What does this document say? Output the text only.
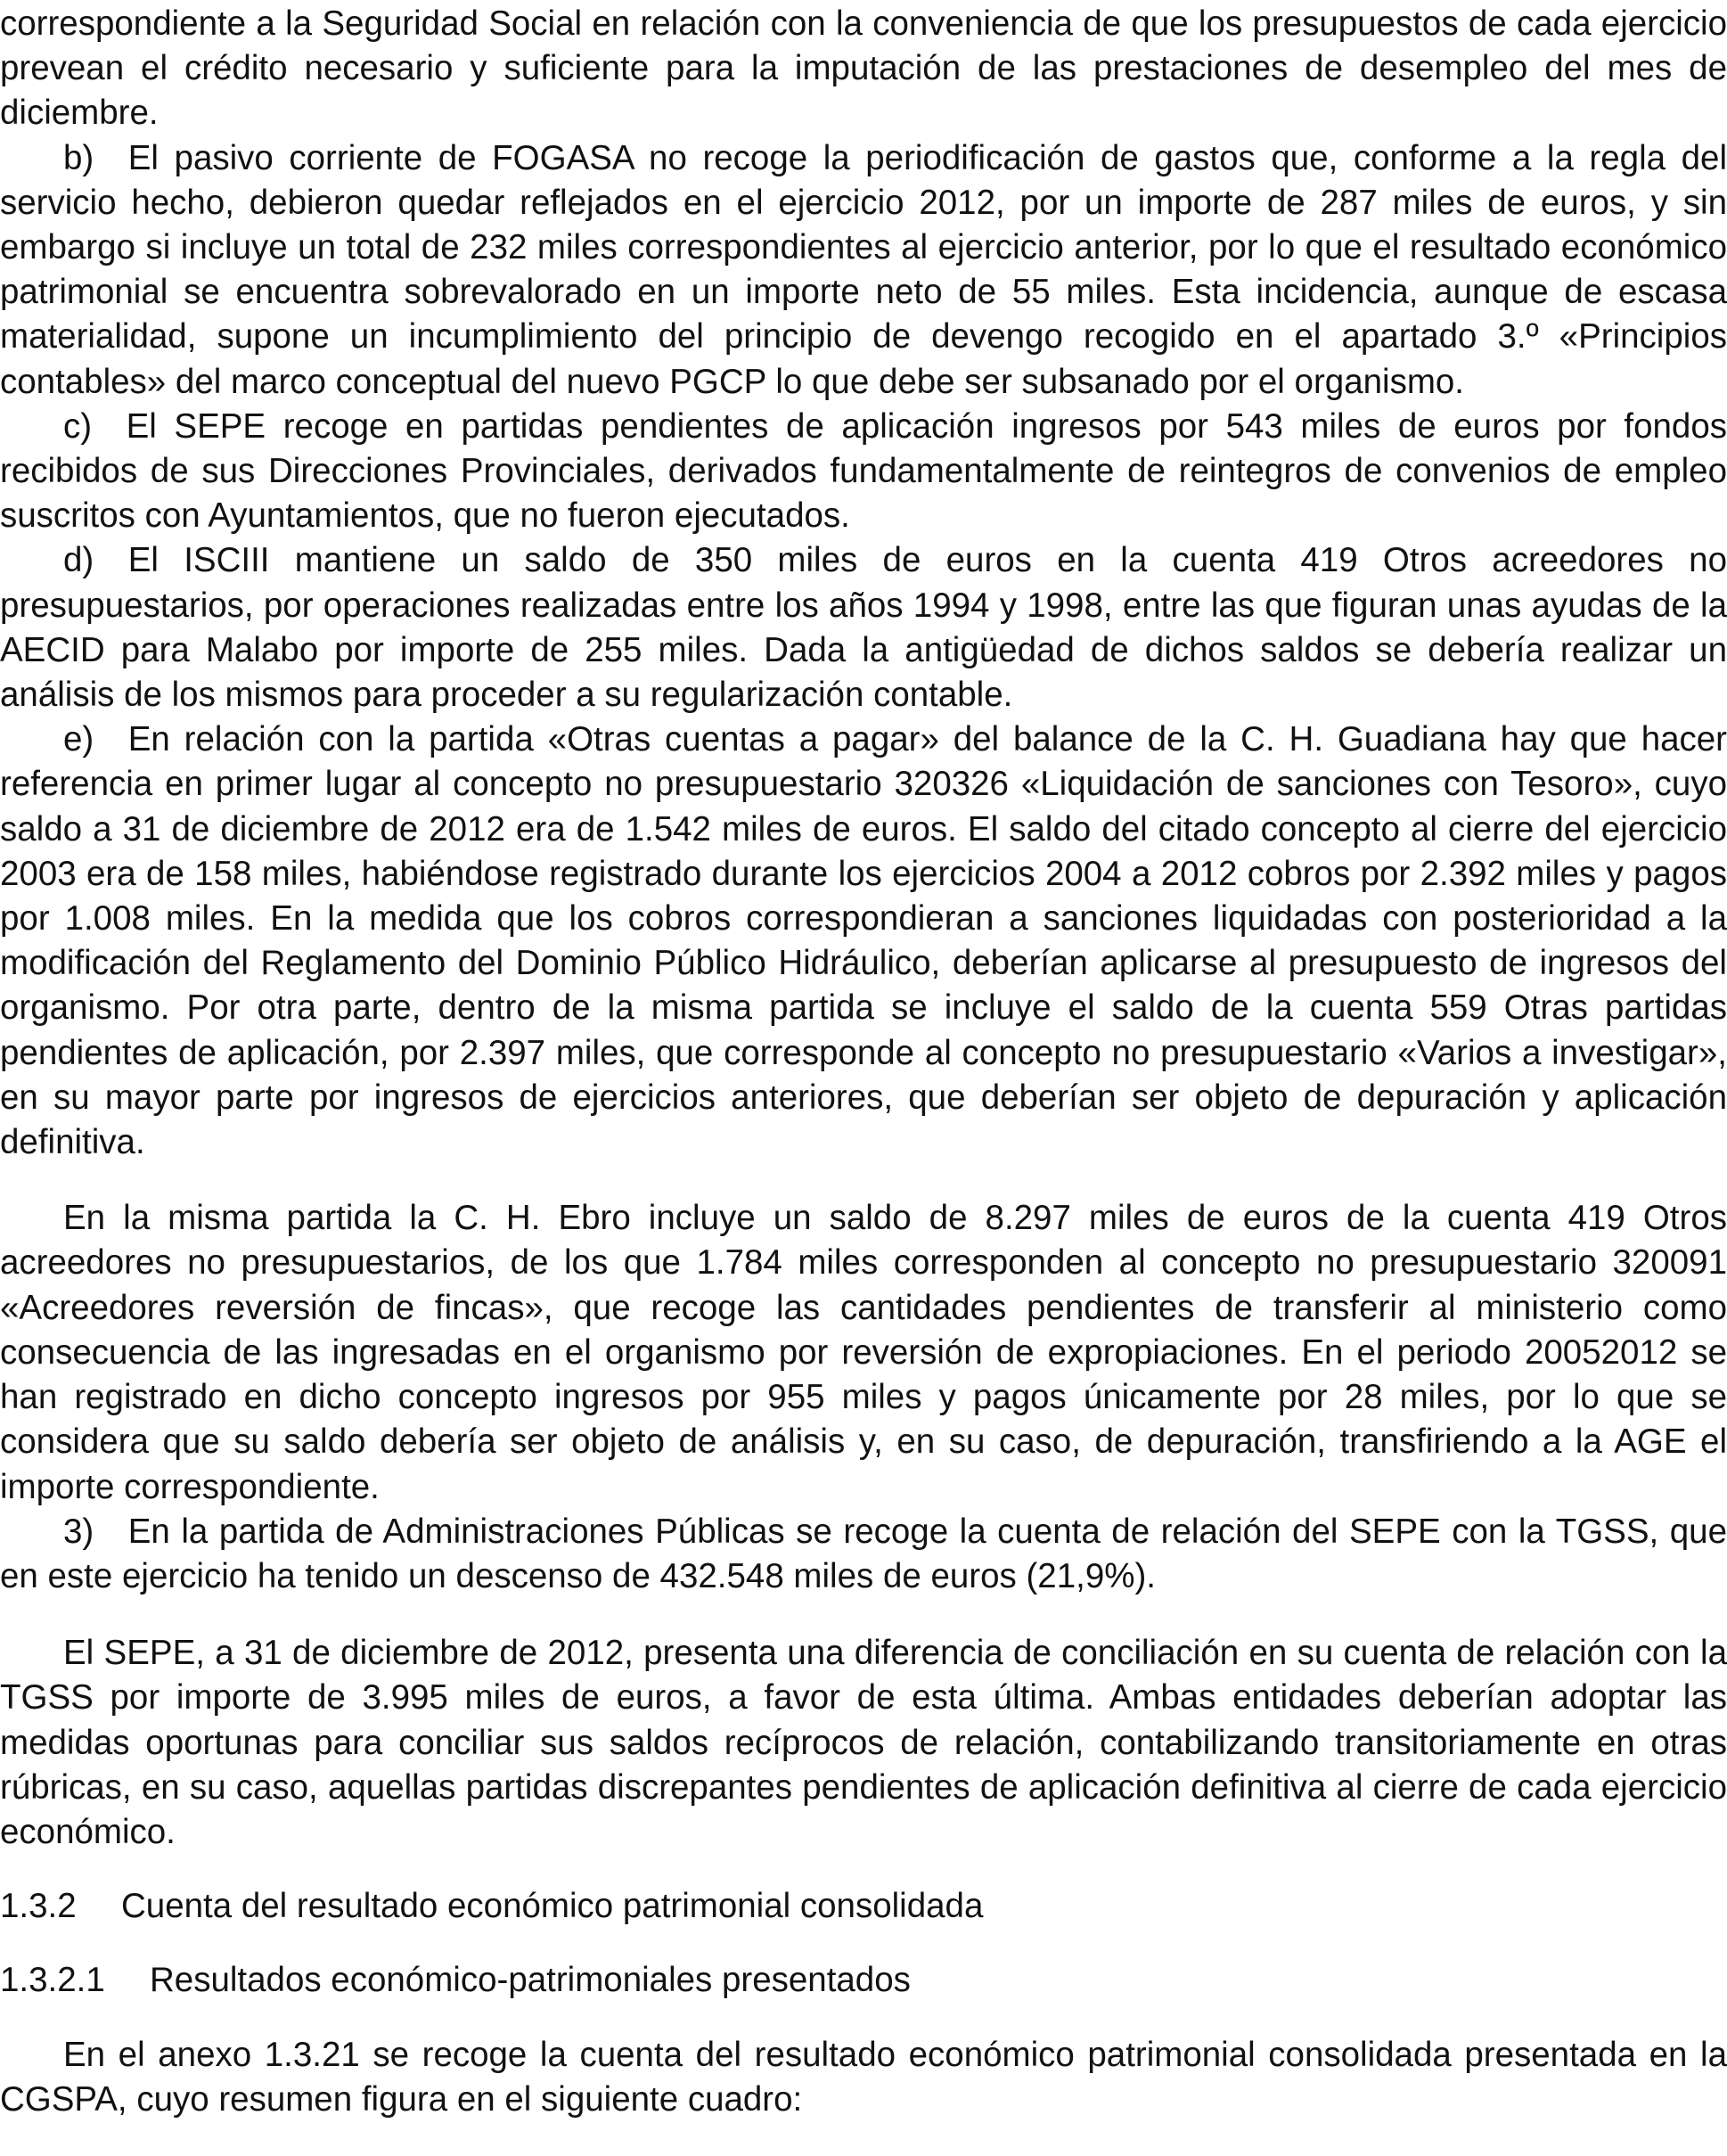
correspondiente a la Seguridad Social en relación con la conveniencia de que los presupuestos de cada ejercicio prevean el crédito necesario y suficiente para la imputación de las prestaciones de desempleo del mes de diciembre.

b) El pasivo corriente de FOGASA no recoge la periodificación de gastos que, conforme a la regla del servicio hecho, debieron quedar reflejados en el ejercicio 2012, por un importe de 287 miles de euros, y sin embargo si incluye un total de 232 miles correspondientes al ejercicio anterior, por lo que el resultado económico patrimonial se encuentra sobrevalorado en un importe neto de 55 miles. Esta incidencia, aunque de escasa materialidad, supone un incumplimiento del principio de devengo recogido en el apartado 3.º «Principios contables» del marco conceptual del nuevo PGCP lo que debe ser subsanado por el organismo.

c) El SEPE recoge en partidas pendientes de aplicación ingresos por 543 miles de euros por fondos recibidos de sus Direcciones Provinciales, derivados fundamentalmente de reintegros de convenios de empleo suscritos con Ayuntamientos, que no fueron ejecutados.

d) El ISCIII mantiene un saldo de 350 miles de euros en la cuenta 419 Otros acreedores no presupuestarios, por operaciones realizadas entre los años 1994 y 1998, entre las que figuran unas ayudas de la AECID para Malabo por importe de 255 miles. Dada la antigüedad de dichos saldos se debería realizar un análisis de los mismos para proceder a su regularización contable.

e) En relación con la partida «Otras cuentas a pagar» del balance de la C. H. Guadiana hay que hacer referencia en primer lugar al concepto no presupuestario 320326 «Liquidación de sanciones con Tesoro», cuyo saldo a 31 de diciembre de 2012 era de 1.542 miles de euros. El saldo del citado concepto al cierre del ejercicio 2003 era de 158 miles, habiéndose registrado durante los ejercicios 2004 a 2012 cobros por 2.392 miles y pagos por 1.008 miles. En la medida que los cobros correspondieran a sanciones liquidadas con posterioridad a la modificación del Reglamento del Dominio Público Hidráulico, deberían aplicarse al presupuesto de ingresos del organismo. Por otra parte, dentro de la misma partida se incluye el saldo de la cuenta 559 Otras partidas pendientes de aplicación, por 2.397 miles, que corresponde al concepto no presupuestario «Varios a investigar», en su mayor parte por ingresos de ejercicios anteriores, que deberían ser objeto de depuración y aplicación definitiva.

En la misma partida la C. H. Ebro incluye un saldo de 8.297 miles de euros de la cuenta 419 Otros acreedores no presupuestarios, de los que 1.784 miles corresponden al concepto no presupuestario 320091 «Acreedores reversión de fincas», que recoge las cantidades pendientes de transferir al ministerio como consecuencia de las ingresadas en el organismo por reversión de expropiaciones. En el periodo 20052012 se han registrado en dicho concepto ingresos por 955 miles y pagos únicamente por 28 miles, por lo que se considera que su saldo debería ser objeto de análisis y, en su caso, de depuración, transfiriendo a la AGE el importe correspondiente.

3) En la partida de Administraciones Públicas se recoge la cuenta de relación del SEPE con la TGSS, que en este ejercicio ha tenido un descenso de 432.548 miles de euros (21,9%).

El SEPE, a 31 de diciembre de 2012, presenta una diferencia de conciliación en su cuenta de relación con la TGSS por importe de 3.995 miles de euros, a favor de esta última. Ambas entidades deberían adoptar las medidas oportunas para conciliar sus saldos recíprocos de relación, contabilizando transitoriamente en otras rúbricas, en su caso, aquellas partidas discrepantes pendientes de aplicación definitiva al cierre de cada ejercicio económico.

1.3.2 Cuenta del resultado económico patrimonial consolidada

1.3.2.1 Resultados económico-patrimoniales presentados

En el anexo 1.3.21 se recoge la cuenta del resultado económico patrimonial consolidada presentada en la CGSPA, cuyo resumen figura en el siguiente cuadro:
